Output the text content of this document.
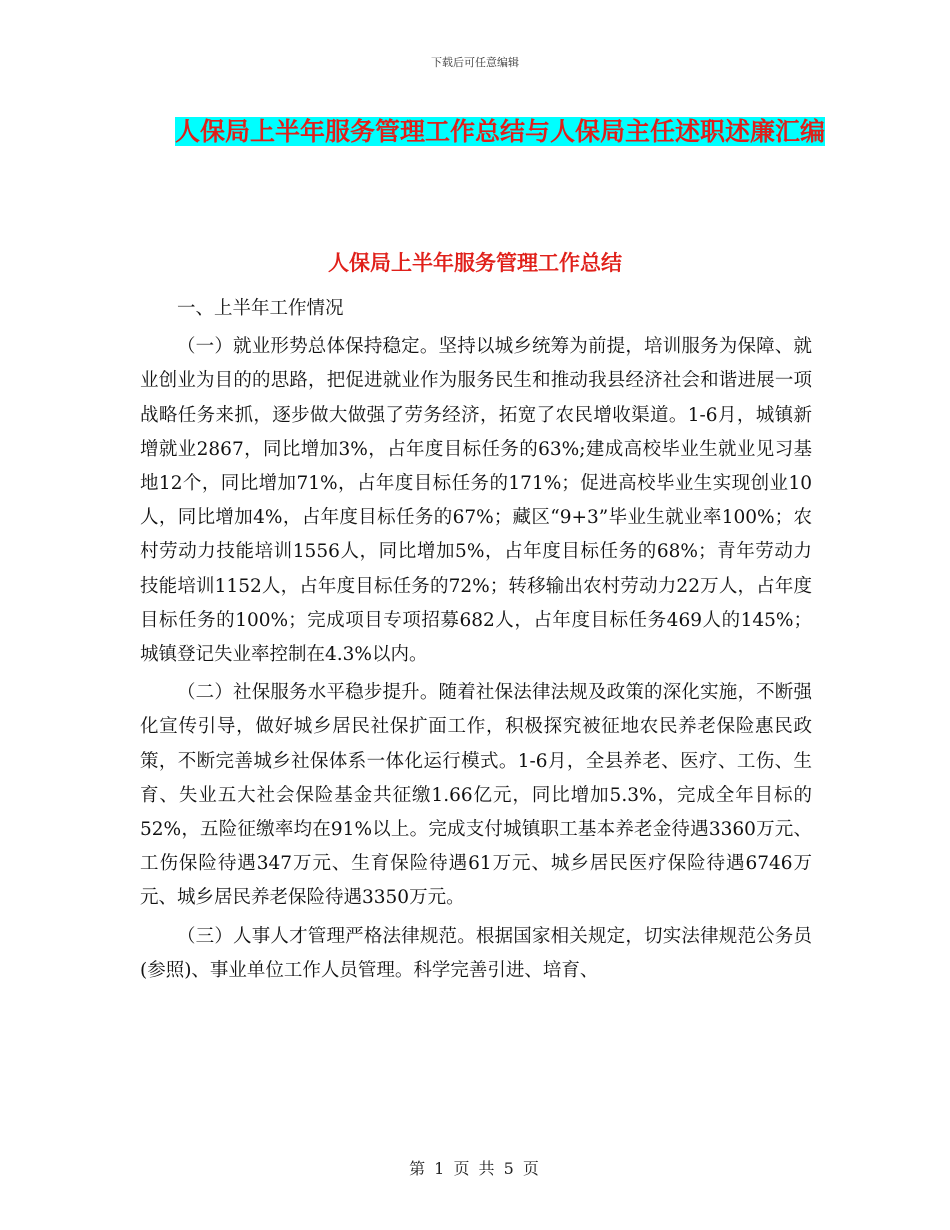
下载后可任意编辑
人保局上半年服务管理工作总结与人保局主任述职述廉汇编
人保局上半年服务管理工作总结

一、上半年工作情况

（一）就业形势总体保持稳定。坚持以城乡统筹为前提，培训服务为保障、就业创业为目的的思路，把促进就业作为服务民生和推动我县经济社会和谐进展一项战略任务来抓，逐步做大做强了劳务经济，拓宽了农民增收渠道。1-6月，城镇新增就业2867，同比增加3%，占年度目标任务的63%;建成高校毕业生就业见习基地12个，同比增加71%，占年度目标任务的171%；促进高校毕业生实现创业10人，同比增加4%，占年度目标任务的67%；藏区“9+3”毕业生就业率100%；农村劳动力技能培训1556人，同比增加5%，占年度目标任务的68%；青年劳动力技能培训1152人，占年度目标任务的72%；转移输出农村劳动力22万人，占年度目标任务的100%；完成项目专项招募682人，占年度目标任务469人的145%；城镇登记失业率控制在4.3%以内。

（二）社保服务水平稳步提升。随着社保法律法规及政策的深化实施，不断强化宣传引导，做好城乡居民社保扩面工作，积极探究被征地农民养老保险惠民政策，不断完善城乡社保体系一体化运行模式。1-6月，全县养老、医疗、工伤、生育、失业五大社会保险基金共征缴1.66亿元，同比增加5.3%，完成全年目标的52%，五险征缴率均在91%以上。完成支付城镇职工基本养老金待遇3360万元、工伤保险待遇347万元、生育保险待遇61万元、城乡居民医疗保险待遇6746万元、城乡居民养老保险待遇3350万元。

（三）人事人才管理严格法律规范。根据国家相关规定，切实法律规范公务员(参照)、事业单位工作人员管理。科学完善引进、培育、

第 1 页 共 5 页
